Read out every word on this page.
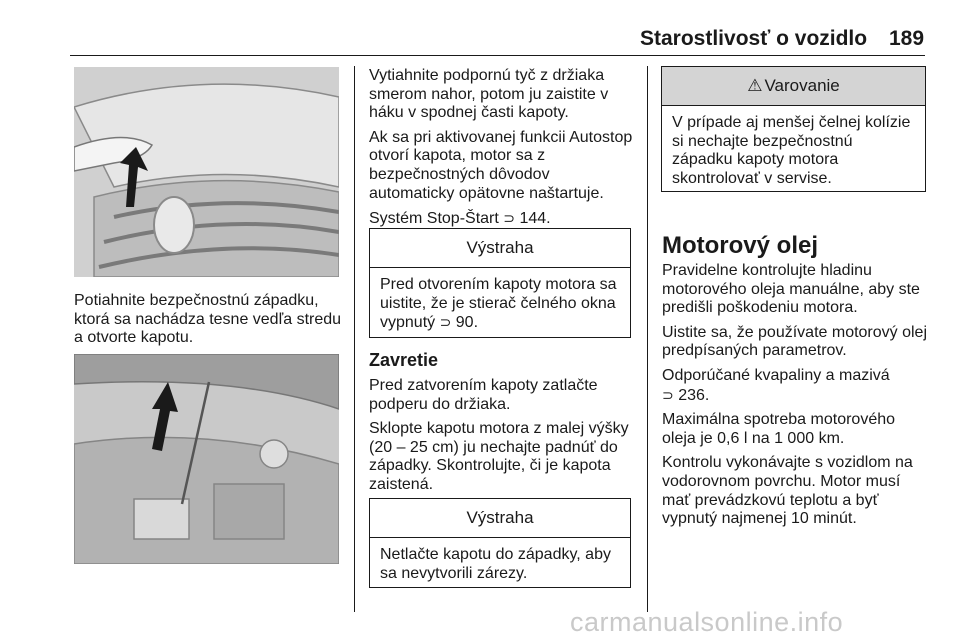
Starostlivosť o vozidlo 189
Potiahnite bezpečnostnú západku, ktorá sa nachádza tesne vedľa stredu a otvorte kapotu.

Vytiahnite podpornú tyč z držiaka smerom nahor, potom ju zaistite v háku v spodnej časti kapoty.

Ak sa pri aktivovanej funkcii Autostop otvorí kapota, motor sa z bezpečnostných dôvodov automaticky opätovne naštartuje.

Systém Stop-Štart ⊃ 144.

Výstraha
Pred otvorením kapoty motora sa uistite, že je stierač čelného okna vypnutý ⊃ 90.
Zavretie

Pred zatvorením kapoty zatlačte podperu do držiaka.

Sklopte kapotu motora z malej výšky (20 – 25 cm) ju nechajte padnúť do západky. Skontrolujte, či je kapota zaistená.

Výstraha
Netlačte kapotu do západky, aby sa nevytvorili zárezy.
⚠ Varovanie
V prípade aj menšej čelnej kolízie si nechajte bezpečnostnú západku kapoty motora skontrolovať v servise.
Motorový olej

Pravidelne kontrolujte hladinu motorového oleja manuálne, aby ste predišli poškodeniu motora.

Uistite sa, že používate motorový olej predpísaných parametrov.

Odporúčané kvapaliny a mazivá
⊃ 236.

Maximálna spotreba motorového oleja je 0,6 l na 1 000 km.

Kontrolu vykonávajte s vozidlom na vodorovnom povrchu. Motor musí mať prevádzkovú teplotu a byť vypnutý najmenej 10 minút.

carmanualsonline.info
